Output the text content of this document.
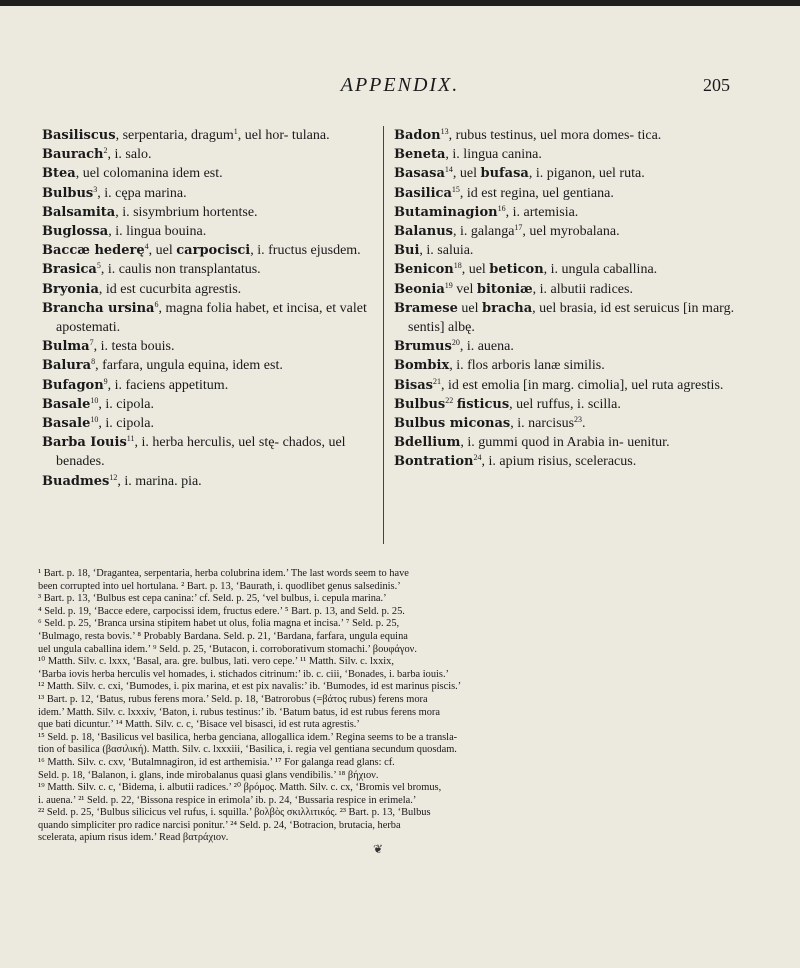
APPENDIX.	205

Basiliscus, serpentaria, dragum$^1$, uel hor- tulana.

Baurach$^2$, i. salo.

Btea, uel colomanina idem est.

Bulbus$^3$, i. cępa marina.

Balsamita, i. sisymbrium hortentse.

Buglossa, i. lingua bouina.

Baccæ hederę$^4$, uel carpocisci, i. fructus ejusdem.

Brasica$^5$, i. caulis non transplantatus.

Bryonia, id est cucurbita agrestis.

Brancha ursina$^6$, magna folia habet, et incisa, et valet apostemati.

Bulma$^7$, i. testa bouis.

Balura$^8$, farfara, ungula equina, idem est.

Bufagon$^9$, i. faciens appetitum.

Basale$^{10}$, i. cipola.

Basale$^{10}$, i. cipola.

Barba Iouis$^{11}$, i. herba herculis, uel stę- chados, uel benades.

Buadmes$^{12}$, i. marina. pia.

Badon$^{13}$, rubus testinus, uel mora domes- tica.

Beneta, i. lingua canina.

Basasa$^{14}$, uel bufasa, i. piganon, uel ruta.

Basilica$^{15}$, id est regina, uel gentiana.

Butaminagion$^{16}$, i. artemisia.

Balanus, i. galanga$^{17}$, uel myrobalana.

Bui, i. saluia.

Benicon$^{18}$, uel beticon, i. ungula caballina.

Beonia$^{19}$ vel bitoniæ, i. albutii radices.

Bramese uel bracha, uel brasia, id est seruicus [in marg. sentis] albę.

Brumus$^{20}$, i. auena.

Bombix, i. flos arboris lanæ similis.

Bisas$^{21}$, id est emolia [in marg. cimolia], uel ruta agrestis.

Bulbus$^{22}$ fisticus, uel ruffus, i. scilla.

Bulbus miconas, i. narcisus$^{23}$.

Bdellium, i. gummi quod in Arabia in- uenitur.

Bontration$^{24}$, i. apium risius, sceleracus.

¹ Bart. p. 18, ‘Dragantea, serpentaria, herba colubrina idem.’ The last words seem to have
been corrupted into uel hortulana. ² Bart. p. 13, ‘Baurath, i. quodlibet genus salsedinis.’
³ Bart. p. 13, ‘Bulbus est cepa canina:’ cf. Seld. p. 25, ‘vel bulbus, i. cepula marina.’
⁴ Seld. p. 19, ‘Bacce edere, carpocissi idem, fructus edere.’ ⁵ Bart. p. 13, and Seld. p. 25.
⁶ Seld. p. 25, ‘Branca ursina stipitem habet ut olus, folia magna et incisa.’ ⁷ Seld. p. 25,
‘Bulmago, resta bovis.’ ⁸ Probably Bardana. Seld. p. 21, ‘Bardana, farfara, ungula equina
uel ungula caballina idem.’ ⁹ Seld. p. 25, ‘Butacon, i. corroborativum stomachi.’ βουφάγον.
¹⁰ Matth. Silv. c. lxxx, ‘Basal, ara. gre. bulbus, lati. vero cepe.’ ¹¹ Matth. Silv. c. lxxix,
‘Barba iovis herba herculis vel homades, i. stichados citrinum:’ ib. c. ciii, ‘Bonades, i. barba iouis.’
¹² Matth. Silv. c. cxi, ‘Bumodes, i. pix marina, et est pix navalis:’ ib. ‘Bumodes, id est marinus piscis.’
¹³ Bart. p. 12, ‘Batus, rubus ferens mora.’ Seld. p. 18, ‘Batrorobus (=βάτος rubus) ferens mora
idem.’ Matth. Silv. c. lxxxiv, ‘Baton, i. rubus testinus:’ ib. ‘Batum batus, id est rubus ferens mora
que bati dicuntur.’ ¹⁴ Matth. Silv. c. c, ‘Bisace vel bisasci, id est ruta agrestis.’
¹⁵ Seld. p. 18, ‘Basilicus vel basilica, herba genciana, allogallica idem.’ Regina seems to be a transla-
tion of basilica (βασιλική). Matth. Silv. c. lxxxiii, ‘Basilica, i. regia vel gentiana secundum quosdam.
¹⁶ Matth. Silv. c. cxv, ‘Butalmnagiron, id est arthemisia.’ ¹⁷ For galanga read glans: cf.
Seld. p. 18, ‘Balanon, i. glans, inde mirobalanus quasi glans vendibilis.’ ¹⁸ βήχιον.
¹⁹ Matth. Silv. c. c, ‘Bidema, i. albutii radices.’ ²⁰ βρόμος. Matth. Silv. c. cx, ‘Bromis vel bromus,
i. auena.’ ²¹ Seld. p. 22, ‘Bissona respice in erimola’ ib. p. 24, ‘Bussaria respice in erimela.’
²² Seld. p. 25, ‘Bulbus silicicus vel rufus, i. squilla.’ βολβὸς σκιλλιτικός. ²³ Bart. p. 13, ‘Bulbus
quando simpliciter pro radice narcisi ponitur.’ ²⁴ Seld. p. 24, ‘Botracion, brutacia, herba
scelerata, apium risus idem.’ Read βατράχιον.
❦
